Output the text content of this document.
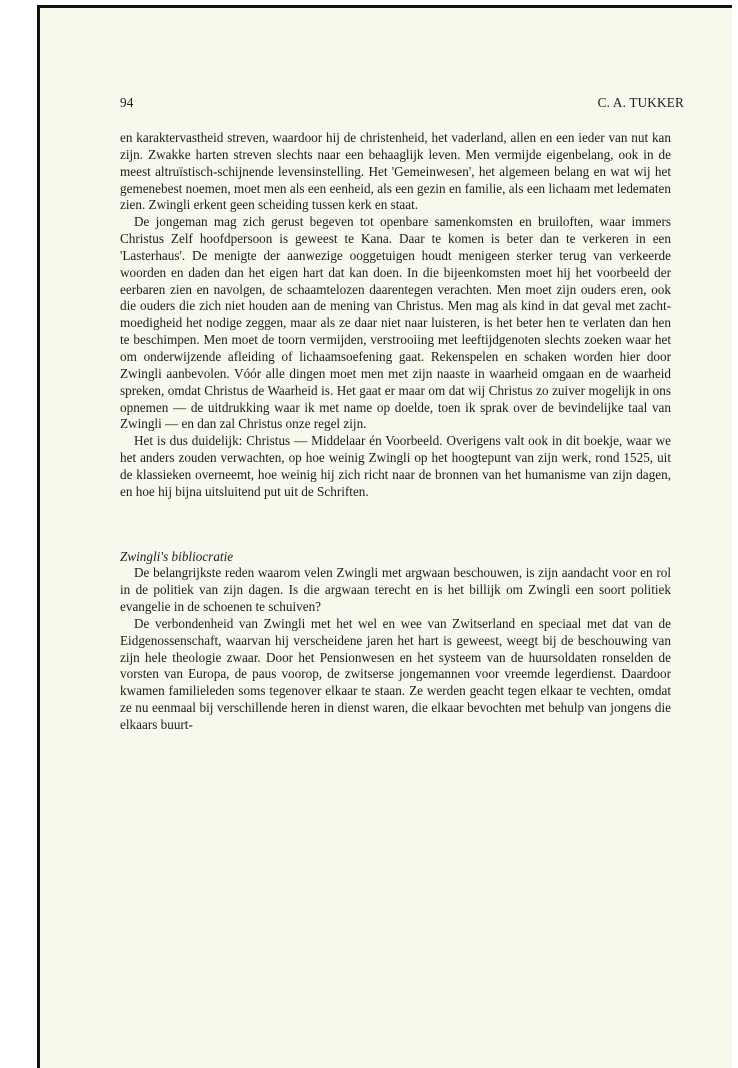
94	C. A. TUKKER

en karaktervastheid streven, waardoor hij de christenheid, het vaderland, allen en een ieder van nut kan zijn. Zwakke harten streven slechts naar een behaaglijk leven. Men vermijde eigenbelang, ook in de meest altruïstisch-schijnende levensinstelling. Het 'Gemeinwesen', het algemeen belang en wat wij het gemenebest noemen, moet men als een eenheid, als een gezin en familie, als een lichaam met ledematen zien. Zwingli erkent geen scheiding tussen kerk en staat.

De jongeman mag zich gerust begeven tot openbare samenkomsten en bruiloften, waar immers Christus Zelf hoofdpersoon is geweest te Kana. Daar te komen is beter dan te verkeren in een 'Lasterhaus'. De menigte der aanwezige ooggetuigen houdt menigeen sterker terug van verkeerde woorden en daden dan het eigen hart dat kan doen. In die bijeenkomsten moet hij het voorbeeld der eerbaren zien en navolgen, de schaamtelozen daarentegen verachten. Men moet zijn ouders eren, ook die ouders die zich niet houden aan de mening van Christus. Men mag als kind in dat geval met zacht-moedigheid het nodige zeggen, maar als ze daar niet naar luisteren, is het beter hen te verlaten dan hen te beschimpen. Men moet de toorn vermijden, verstrooiing met leeftijdgenoten slechts zoeken waar het om onderwijzende afleiding of lichaamsoefening gaat. Rekenspelen en schaken worden hier door Zwingli aanbevolen. Vóór alle dingen moet men met zijn naaste in waarheid omgaan en de waarheid spreken, omdat Christus de Waarheid is. Het gaat er maar om dat wij Christus zo zuiver mogelijk in ons opnemen — de uitdrukking waar ik met name op doelde, toen ik sprak over de bevindelijke taal van Zwingli — en dan zal Christus onze regel zijn.

Het is dus duidelijk: Christus — Middelaar én Voorbeeld. Overigens valt ook in dit boekje, waar we het anders zouden verwachten, op hoe weinig Zwingli op het hoogtepunt van zijn werk, rond 1525, uit de klassieken overneemt, hoe weinig hij zich richt naar de bronnen van het humanisme van zijn dagen, en hoe hij bijna uitsluitend put uit de Schriften.

Zwingli's bibliocratie

De belangrijkste reden waarom velen Zwingli met argwaan beschouwen, is zijn aandacht voor en rol in de politiek van zijn dagen. Is die argwaan terecht en is het billijk om Zwingli een soort politiek evangelie in de schoenen te schuiven?

De verbondenheid van Zwingli met het wel en wee van Zwitserland en speciaal met dat van de Eidgenossenschaft, waarvan hij verscheidene jaren het hart is geweest, weegt bij de beschouwing van zijn hele theologie zwaar. Door het Pensionwesen en het systeem van de huursoldaten ronselden de vorsten van Europa, de paus voorop, de zwitserse jongemannen voor vreemde legerdienst. Daardoor kwamen familieleden soms tegenover elkaar te staan. Ze werden geacht tegen elkaar te vechten, omdat ze nu eenmaal bij verschillende heren in dienst waren, die elkaar bevochten met behulp van jongens die elkaars buurt-
